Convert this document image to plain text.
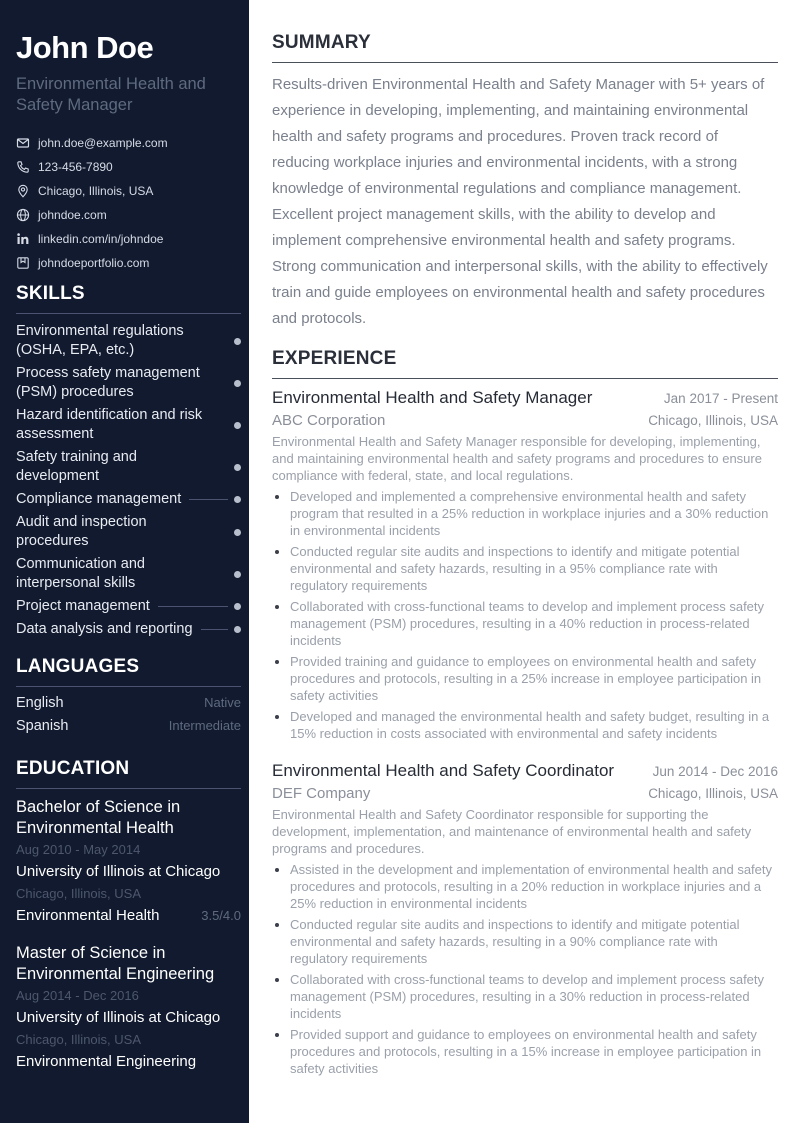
John Doe
Environmental Health and Safety Manager
john.doe@example.com
123-456-7890
Chicago, Illinois, USA
johndoe.com
linkedin.com/in/johndoe
johndoeportfolio.com
SKILLS
Environmental regulations (OSHA, EPA, etc.)
Process safety management (PSM) procedures
Hazard identification and risk assessment
Safety training and development
Compliance management
Audit and inspection procedures
Communication and interpersonal skills
Project management
Data analysis and reporting
LANGUAGES
English	Native
Spanish	Intermediate
EDUCATION
Bachelor of Science in Environmental Health
Aug 2010 - May 2014
University of Illinois at Chicago
Chicago, Illinois, USA
Environmental Health	3.5/4.0
Master of Science in Environmental Engineering
Aug 2014 - Dec 2016
University of Illinois at Chicago
Chicago, Illinois, USA
Environmental Engineering
SUMMARY

Results-driven Environmental Health and Safety Manager with 5+ years of experience in developing, implementing, and maintaining environmental health and safety programs and procedures. Proven track record of reducing workplace injuries and environmental incidents, with a strong knowledge of environmental regulations and compliance management. Excellent project management skills, with the ability to develop and implement comprehensive environmental health and safety programs. Strong communication and interpersonal skills, with the ability to effectively train and guide employees on environmental health and safety procedures and protocols.

EXPERIENCE
Environmental Health and Safety Manager	Jan 2017 - Present
ABC Corporation	Chicago, Illinois, USA
Environmental Health and Safety Manager responsible for developing, implementing, and maintaining environmental health and safety programs and procedures to ensure compliance with federal, state, and local regulations.
Developed and implemented a comprehensive environmental health and safety program that resulted in a 25% reduction in workplace injuries and a 30% reduction in environmental incidents
Conducted regular site audits and inspections to identify and mitigate potential environmental and safety hazards, resulting in a 95% compliance rate with regulatory requirements
Collaborated with cross-functional teams to develop and implement process safety management (PSM) procedures, resulting in a 40% reduction in process-related incidents
Provided training and guidance to employees on environmental health and safety procedures and protocols, resulting in a 25% increase in employee participation in safety activities
Developed and managed the environmental health and safety budget, resulting in a 15% reduction in costs associated with environmental and safety incidents
Environmental Health and Safety Coordinator	Jun 2014 - Dec 2016
DEF Company	Chicago, Illinois, USA
Environmental Health and Safety Coordinator responsible for supporting the development, implementation, and maintenance of environmental health and safety programs and procedures.
Assisted in the development and implementation of environmental health and safety procedures and protocols, resulting in a 20% reduction in workplace injuries and a 25% reduction in environmental incidents
Conducted regular site audits and inspections to identify and mitigate potential environmental and safety hazards, resulting in a 90% compliance rate with regulatory requirements
Collaborated with cross-functional teams to develop and implement process safety management (PSM) procedures, resulting in a 30% reduction in process-related incidents
Provided support and guidance to employees on environmental health and safety procedures and protocols, resulting in a 15% increase in employee participation in safety activities
